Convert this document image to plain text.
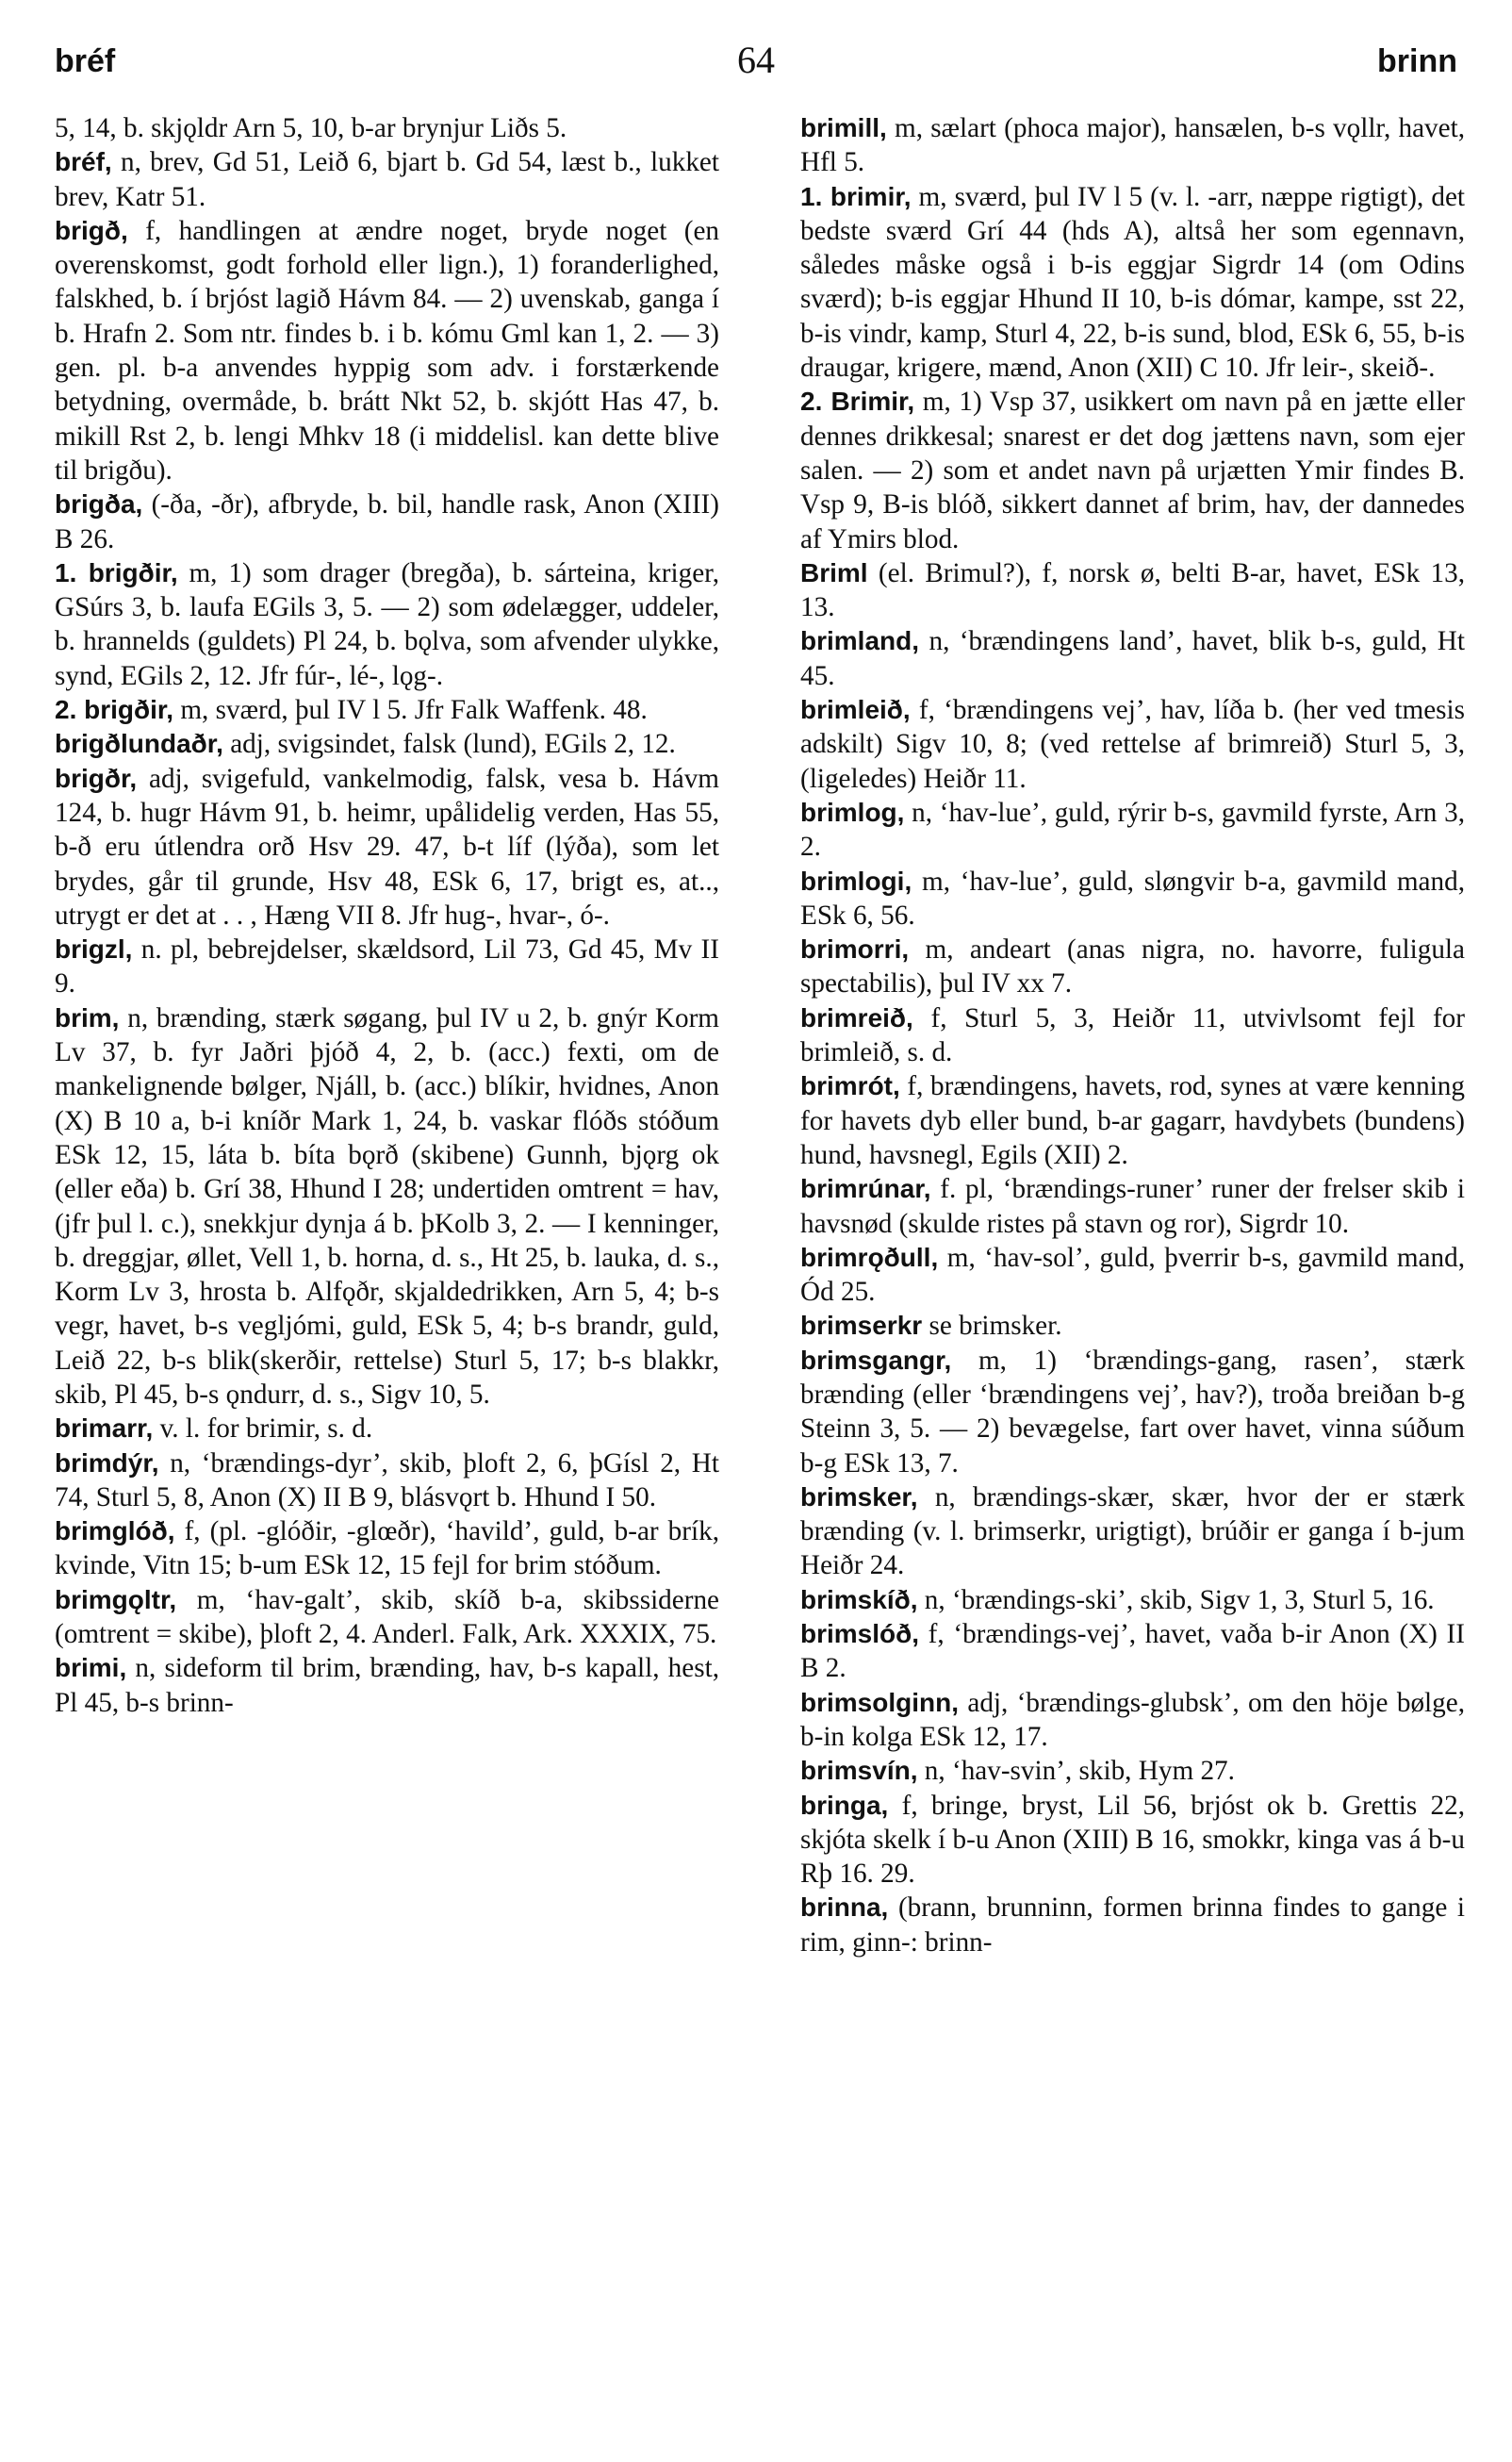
bréf	64	brinn

5, 14, b. skjǫldr Arn 5, 10, b-ar brynjur Liðs 5.

bréf, n, brev, Gd 51, Leið 6, bjart b. Gd 54, læst b., lukket brev, Katr 51.

brigð, f, handlingen at ændre noget, bryde noget (en overenskomst, godt forhold eller lign.), 1) foranderlighed, falskhed, b. í brjóst lagið Hávm 84. — 2) uvenskab, ganga í b. Hrafn 2. Som ntr. findes b. i b. kómu Gml kan 1, 2. — 3) gen. pl. b-a anvendes hyppig som adv. i forstærkende betydning, overmåde, b. brátt Nkt 52, b. skjótt Has 47, b. mikill Rst 2, b. lengi Mhkv 18 (i middelisl. kan dette blive til brigðu).

brigða, (-ða, -ðr), afbryde, b. bil, handle rask, Anon (XIII) B 26.

1. brigðir, m, 1) som drager (bregða), b. sárteina, kriger, GSúrs 3, b. laufa EGils 3, 5. — 2) som ødelægger, uddeler, b. hrannelds (guldets) Pl 24, b. bǫlva, som afvender ulykke, synd, EGils 2, 12. Jfr fúr-, lé-, lǫg-.

2. brigðir, m, sværd, þul IV l 5. Jfr Falk Waffenk. 48.

brigðlundaðr, adj, svigsindet, falsk (lund), EGils 2, 12.

brigðr, adj, svigefuld, vankelmodig, falsk, vesa b. Hávm 124, b. hugr Hávm 91, b. heimr, upålidelig verden, Has 55, b-ð eru útlendra orð Hsv 29. 47, b-t líf (lýða), som let brydes, går til grunde, Hsv 48, ESk 6, 17, brigt es, at.., utrygt er det at . . , Hæng VII 8. Jfr hug-, hvar-, ó-.

brigzl, n. pl, bebrejdelser, skældsord, Lil 73, Gd 45, Mv II 9.

brim, n, brænding, stærk søgang, þul IV u 2, b. gnýr Korm Lv 37, b. fyr Jaðri þjóð 4, 2, b. (acc.) fexti, om de mankelignende bølger, Njáll, b. (acc.) blíkir, hvidnes, Anon (X) B 10 a, b-i kníðr Mark 1, 24, b. vaskar flóðs stóðum ESk 12, 15, láta b. bíta bǫrð (skibene) Gunnh, bjǫrg ok (eller eða) b. Grí 38, Hhund I 28; undertiden omtrent = hav, (jfr þul l. c.), snekkjur dynja á b. þKolb 3, 2. — I kenninger, b. dreggjar, øllet, Vell 1, b. horna, d. s., Ht 25, b. lauka, d. s., Korm Lv 3, hrosta b. Alfǫðr, skjaldedrikken, Arn 5, 4; b-s vegr, havet, b-s vegljómi, guld, ESk 5, 4; b-s brandr, guld, Leið 22, b-s blik(skerðir, rettelse) Sturl 5, 17; b-s blakkr, skib, Pl 45, b-s ǫndurr, d. s., Sigv 10, 5.

brimarr, v. l. for brimir, s. d.

brimdýr, n, ‘brændings-dyr’, skib, þloft 2, 6, þGísl 2, Ht 74, Sturl 5, 8, Anon (X) II B 9, blásvǫrt b. Hhund I 50.

brimglóð, f, (pl. -glóðir, -glœðr), ‘havild’, guld, b-ar brík, kvinde, Vitn 15; b-um ESk 12, 15 fejl for brim stóðum.

brimgǫltr, m, ‘hav-galt’, skib, skíð b-a, skibssiderne (omtrent = skibe), þloft 2, 4. Anderl. Falk, Ark. XXXIX, 75.

brimi, n, sideform til brim, brænding, hav, b-s kapall, hest, Pl 45, b-s brinn-

brimill, m, sælart (phoca major), hansælen, b-s vǫllr, havet, Hfl 5.

1. brimir, m, sværd, þul IV l 5 (v. l. -arr, næppe rigtigt), det bedste sværd Grí 44 (hds A), altså her som egennavn, således måske også i b-is eggjar Sigrdr 14 (om Odins sværd); b-is eggjar Hhund II 10, b-is dómar, kampe, sst 22, b-is vindr, kamp, Sturl 4, 22, b-is sund, blod, ESk 6, 55, b-is draugar, krigere, mænd, Anon (XII) C 10. Jfr leir-, skeið-.

2. Brimir, m, 1) Vsp 37, usikkert om navn på en jætte eller dennes drikkesal; snarest er det dog jættens navn, som ejer salen. — 2) som et andet navn på urjætten Ymir findes B. Vsp 9, B-is blóð, sikkert dannet af brim, hav, der dannedes af Ymirs blod.

Briml (el. Brimul?), f, norsk ø, belti B-ar, havet, ESk 13, 13.

brimland, n, ‘brændingens land’, havet, blik b-s, guld, Ht 45.

brimleið, f, ‘brændingens vej’, hav, líða b. (her ved tmesis adskilt) Sigv 10, 8; (ved rettelse af brimreið) Sturl 5, 3, (ligeledes) Heiðr 11.

brimlog, n, ‘hav-lue’, guld, rýrir b-s, gavmild fyrste, Arn 3, 2.

brimlogi, m, ‘hav-lue’, guld, sløngvir b-a, gavmild mand, ESk 6, 56.

brimorri, m, andeart (anas nigra, no. havorre, fuligula spectabilis), þul IV xx 7.

brimreið, f, Sturl 5, 3, Heiðr 11, utvivlsomt fejl for brimleið, s. d.

brimrót, f, brændingens, havets, rod, synes at være kenning for havets dyb eller bund, b-ar gagarr, havdybets (bundens) hund, havsnegl, Egils (XII) 2.

brimrúnar, f. pl, ‘brændings-runer’ runer der frelser skib i havsnød (skulde ristes på stavn og ror), Sigrdr 10.

brimrǫðull, m, ‘hav-sol’, guld, þverrir b-s, gavmild mand, Ód 25.

brimserkr se brimsker.

brimsgangr, m, 1) ‘brændings-gang, rasen’, stærk brænding (eller ‘brændingens vej’, hav?), troða breiðan b-g Steinn 3, 5. — 2) bevægelse, fart over havet, vinna súðum b-g ESk 13, 7.

brimsker, n, brændings-skær, skær, hvor der er stærk brænding (v. l. brimserkr, urigtigt), brúðir er ganga í b-jum Heiðr 24.

brimskíð, n, ‘brændings-ski’, skib, Sigv 1, 3, Sturl 5, 16.

brimslóð, f, ‘brændings-vej’, havet, vaða b-ir Anon (X) II B 2.

brimsolginn, adj, ‘brændings-glubsk’, om den höje bølge, b-in kolga ESk 12, 17.

brimsvín, n, ‘hav-svin’, skib, Hym 27.

bringa, f, bringe, bryst, Lil 56, brjóst ok b. Grettis 22, skjóta skelk í b-u Anon (XIII) B 16, smokkr, kinga vas á b-u Rþ 16. 29.

brinna, (brann, brunninn, formen brinna findes to gange i rim, ginn-: brinn-
